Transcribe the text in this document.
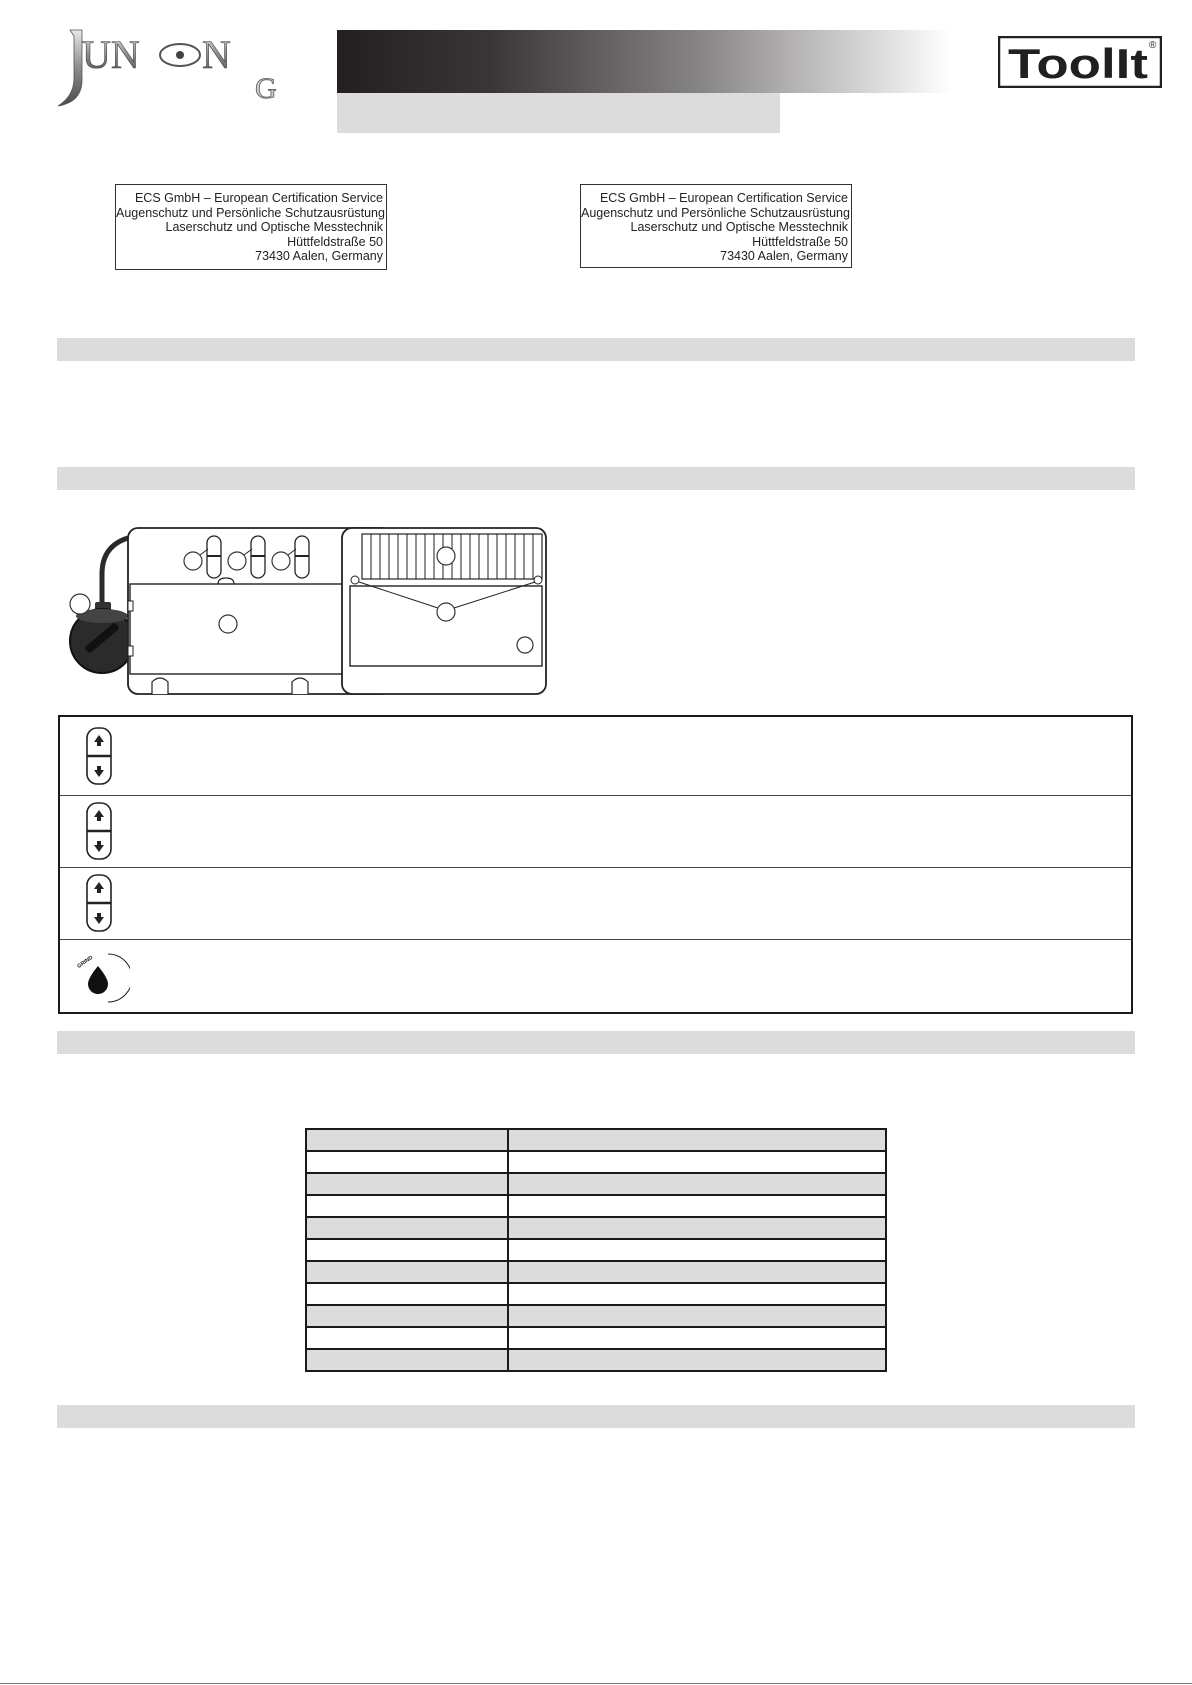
UN N
G
ToolIt ®
ECS GmbH – European Certification Service
Augenschutz und Persönliche Schutzausrüstung
Laserschutz und Optische Messtechnik
Hüttfeldstraße 50
73430 Aalen, Germany
ECS GmbH – European Certification Service
Augenschutz und Persönliche Schutzausrüstung
Laserschutz und Optische Messtechnik
Hüttfeldstraße 50
73430 Aalen, Germany
GRIND
